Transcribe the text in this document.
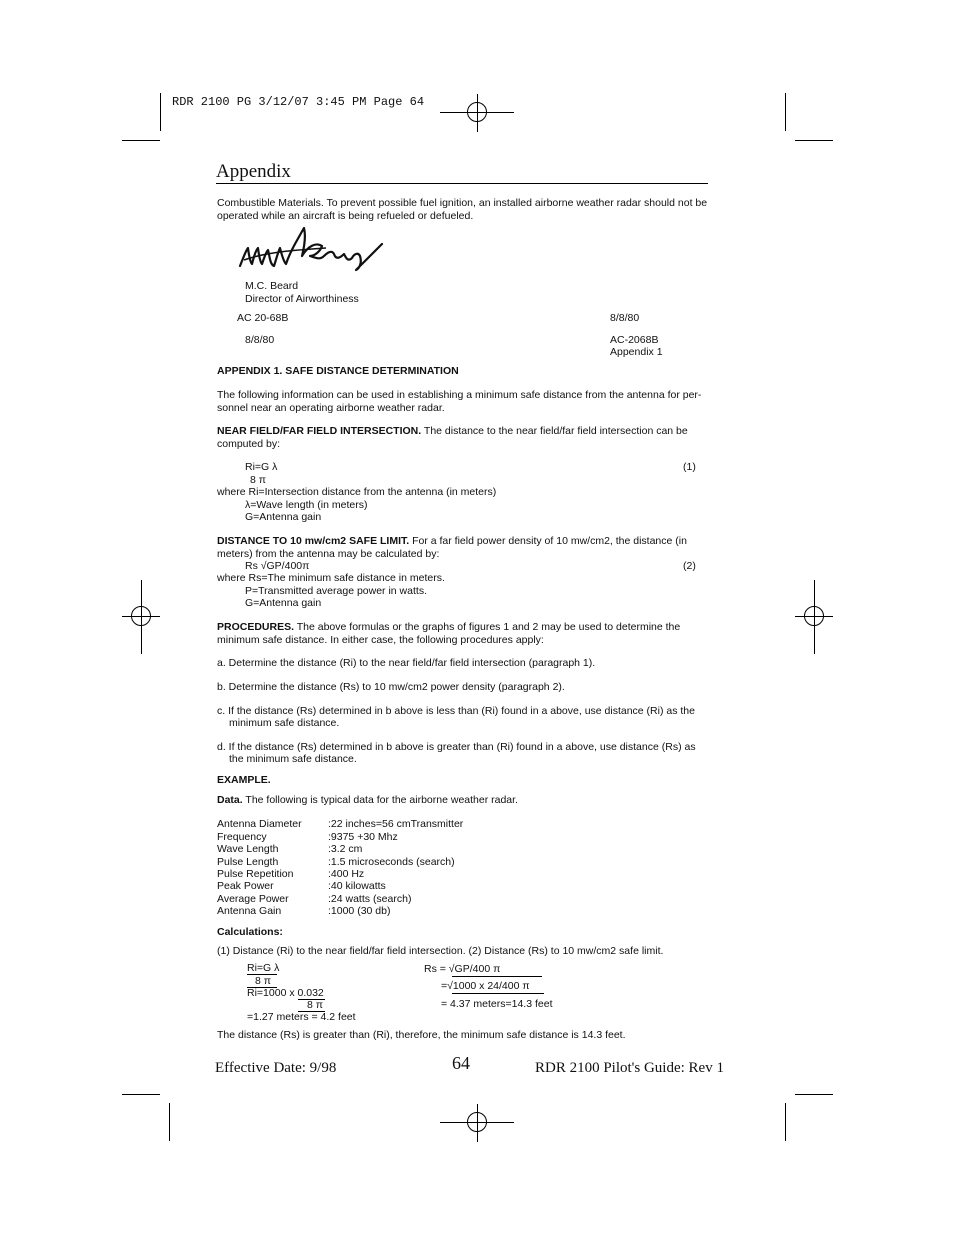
RDR 2100 PG 3/12/07 3:45 PM Page 64
Appendix
Combustible Materials. To prevent possible fuel ignition, an installed airborne weather radar should not be operated while an aircraft is being refueled or defueled.
M.C. Beard
Director of Airworthiness
AC 20-68B	8/8/80
8/8/80	AC-2068B
Appendix 1
APPENDIX 1. SAFE DISTANCE DETERMINATION
The following information can be used in establishing a minimum safe distance from the antenna for per-sonnel near an operating airborne weather radar.
NEAR FIELD/FAR FIELD INTERSECTION. The distance to the near field/far field intersection can be computed by:
Ri=G λ
8 π
(1)
where Ri=Intersection distance from the antenna (in meters)
λ=Wave length (in meters)
G=Antenna gain
DISTANCE TO 10 mw/cm2 SAFE LIMIT. For a far field power density of 10 mw/cm2, the distance (in meters) from the antenna may be calculated by:
Rs √GP/400π	(2)
where Rs=The minimum safe distance in meters.
P=Transmitted average power in watts.
G=Antenna gain
PROCEDURES. The above formulas or the graphs of figures 1 and 2 may be used to determine the minimum safe distance. In either case, the following procedures apply:
a. Determine the distance (Ri) to the near field/far field intersection (paragraph 1).
b. Determine the distance (Rs) to 10 mw/cm2 power density (paragraph 2).
c. If the distance (Rs) determined in b above is less than (Ri) found in a above, use distance (Ri) as the
minimum safe distance.
d. If the distance (Rs) determined in b above is greater than (Ri) found in a above, use distance (Rs) as
the minimum safe distance.
EXAMPLE.
Data. The following is typical data for the airborne weather radar.
Antenna Diameter	:22 inches=56 cmTransmitter
Frequency	:9375 +30 Mhz
Wave Length	:3.2 cm
Pulse Length	:1.5 microseconds (search)
Pulse Repetition	:400 Hz
Peak Power	:40 kilowatts
Average Power	:24 watts (search)
Antenna Gain	:1000 (30 db)
Calculations:
(1) Distance (Ri) to the near field/far field intersection. (2) Distance (Rs) to 10 mw/cm2 safe limit.
Ri=G λ
8 π
Ri=1000 x 0.032
8 π
=1.27 meters = 4.2 feet
Rs = √GP/400 π
=√1000 x 24/400 π
= 4.37 meters=14.3 feet
The distance (Rs) is greater than (Ri), therefore, the minimum safe distance is 14.3 feet.
Effective Date: 9/98	64	RDR 2100 Pilot's Guide: Rev 1
